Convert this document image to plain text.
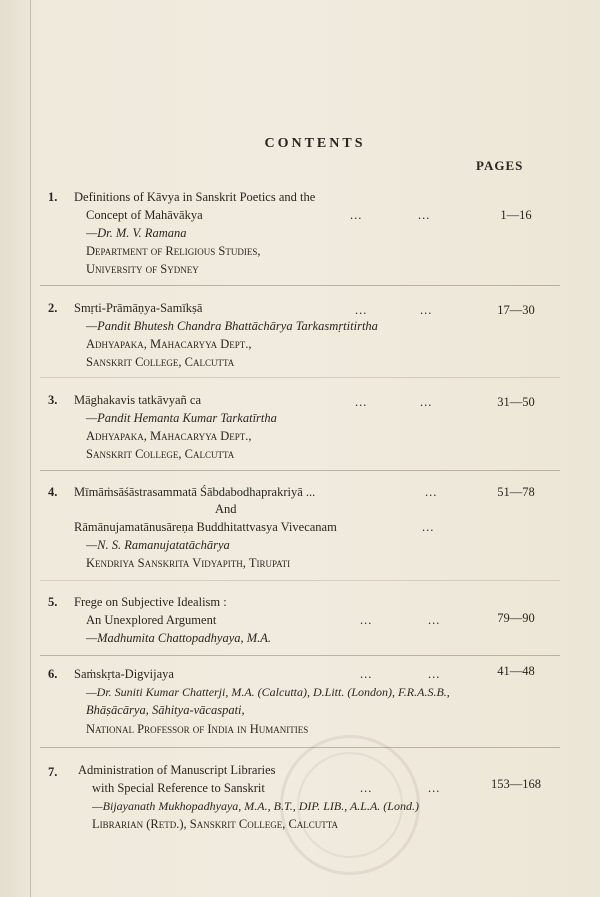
CONTENTS
PAGES
1. Definitions of Kāvya in Sanskrit Poetics and the
Concept of Mahāvākya	...	...	1—16
—Dr. M. V. Ramana
Department of Religious Studies,
University of Sydney
2. Smṛti-Prāmāṇya-Samīkṣā	...	...	17—30
—Pandit Bhutesh Chandra Bhattāchārya Tarkasmṛtitirtha
Adhyapaka, Mahacaryya Dept.,
Sanskrit College, Calcutta
3. Māghakavis tatkāvyañ ca	...	...	31—50
—Pandit Hemanta Kumar Tarkatīrtha
Adhyapaka, Mahacaryya Dept.,
Sanskrit College, Calcutta
4. Mīmāṁsāśāstrasammatā Śābdabodhaprakriyā ...	...	51—78
And
Rāmānujamatānusāreṇa Buddhitattvasya Vivecanam	...
—N. S. Ramanujatatāchārya
Kendriya Sanskrita Vidyapith, Tirupati
5. Frege on Subjective Idealism :
An Unexplored Argument	...	...	79—90
—Madhumita Chattopadhyaya, M.A.
6. Saṁskṛta-Digvijaya	...	...	41—48
—Dr. Suniti Kumar Chatterji, M.A. (Calcutta), D.Litt. (London), F.R.A.S.B.,
Bhāṣācārya, Sāhitya-vācaspati,
National Professor of India in Humanities
7. Administration of Manuscript Libraries
with Special Reference to Sanskrit	...	...	153—168
—Bijayanath Mukhopadhyaya, M.A., B.T., DIP. LIB., A.L.A. (Lond.)
Librarian (Retd.), Sanskrit College, Calcutta
